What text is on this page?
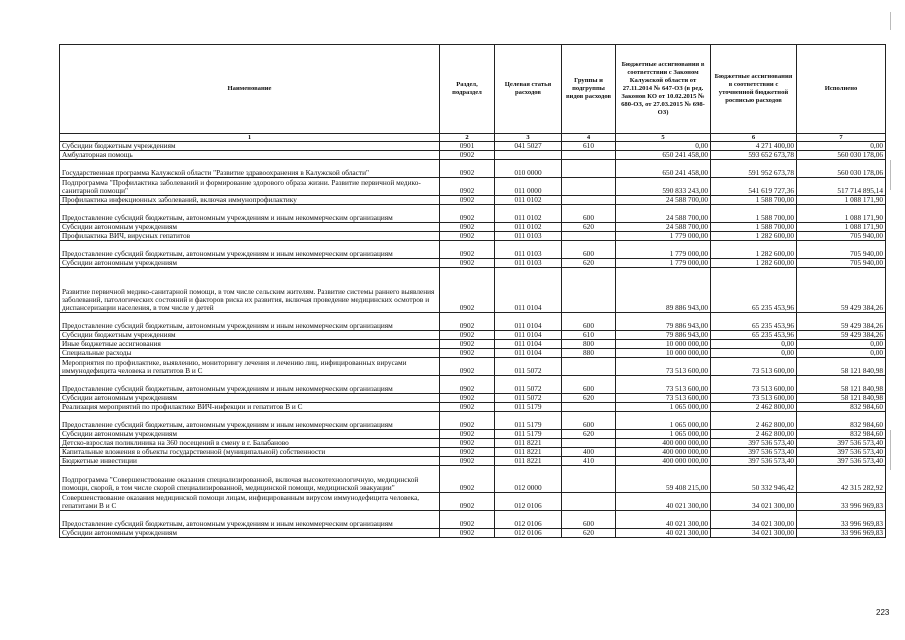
Наименование	Раздел, подраздел	Целевая статья расходов	Группы и подгруппы видов расходов	Бюджетные ассигнования в соответствии с Законом Калужской области от 27.11.2014 № 647-ОЗ (в ред. Законов КО от 10.02.2015 № 680-ОЗ, от 27.03.2015 № 698-ОЗ)	Бюджетные ассигнования в соответствии с уточненной бюджетной росписью расходов	Исполнено
1	2	3	4	5	6	7
Субсидии бюджетным учреждениям	0901	041 5027	610	0,00	4 271 400,00	0,00
Амбулаторная помощь	0902			650 241 458,00	593 652 673,78	560 030 178,06
Государственная программа Калужской области "Развитие здравоохранения в Калужской области"	0902	010 0000		650 241 458,00	591 952 673,78	560 030 178,06
Подпрограмма "Профилактика заболеваний и формирование здорового образа жизни. Развитие первичной медико-санитарной помощи"	0902	011 0000		590 833 243,00	541 619 727,36	517 714 895,14
Профилактика инфекционных заболеваний, включая иммунопрофилактику	0902	011 0102		24 588 700,00	1 588 700,00	1 088 171,90
Предоставление субсидий бюджетным, автономным учреждениям и иным некоммерческим организациям	0902	011 0102	600	24 588 700,00	1 588 700,00	1 088 171,90
Субсидии автономным учреждениям	0902	011 0102	620	24 588 700,00	1 588 700,00	1 088 171,90
Профилактика ВИЧ, вирусных гепатитов	0902	011 0103		1 779 000,00	1 282 600,00	705 940,00
Предоставление субсидий бюджетным, автономным учреждениям и иным некоммерческим организациям	0902	011 0103	600	1 779 000,00	1 282 600,00	705 940,00
Субсидии автономным учреждениям	0902	011 0103	620	1 779 000,00	1 282 600,00	705 940,00
Развитие первичной медико-санитарной помощи, в том числе сельским жителям. Развитие системы раннего выявления заболеваний, патологических состояний и факторов риска их развития, включая проведение медицинских осмотров и диспансеризации населения, в том числе у детей	0902	011 0104		89 886 943,00	65 235 453,96	59 429 384,26
Предоставление субсидий бюджетным, автономным учреждениям и иным некоммерческим организациям	0902	011 0104	600	79 886 943,00	65 235 453,96	59 429 384,26
Субсидии бюджетным учреждениям	0902	011 0104	610	79 886 943,00	65 235 453,96	59 429 384,26
Иные бюджетные ассигнования	0902	011 0104	800	10 000 000,00	0,00	0,00
Специальные расходы	0902	011 0104	880	10 000 000,00	0,00	0,00
Мероприятия по профилактике, выявлению, мониторингу лечения и лечению лиц, инфицированных вирусами иммунодефицита человека и гепатитов В и С	0902	011 5072		73 513 600,00	73 513 600,00	58 121 840,98
Предоставление субсидий бюджетным, автономным учреждениям и иным некоммерческим организациям	0902	011 5072	600	73 513 600,00	73 513 600,00	58 121 840,98
Субсидии автономным учреждениям	0902	011 5072	620	73 513 600,00	73 513 600,00	58 121 840,98
Реализация мероприятий по профилактике ВИЧ-инфекции и гепатитов В и С	0902	011 5179		1 065 000,00	2 462 800,00	832 984,60
Предоставление субсидий бюджетным, автономным учреждениям и иным некоммерческим организациям	0902	011 5179	600	1 065 000,00	2 462 800,00	832 984,60
Субсидии автономным учреждениям	0902	011 5179	620	1 065 000,00	2 462 800,00	832 984,60
Детско-взрослая поликлиника на 360 посещений в смену в г. Балабаново	0902	011 8221		400 000 000,00	397 536 573,40	397 536 573,40
Капитальные вложения в объекты государственной (муниципальной) собственности	0902	011 8221	400	400 000 000,00	397 536 573,40	397 536 573,40
Бюджетные инвестиции	0902	011 8221	410	400 000 000,00	397 536 573,40	397 536 573,40
Подпрограмма "Совершенствование оказания специализированной, включая высокотехнологичную, медицинской помощи, скорой, в том числе скорой специализированной, медицинской помощи, медицинской эвакуации"	0902	012 0000		59 408 215,00	50 332 946,42	42 315 282,92
Совершенствование оказания медицинской помощи лицам, инфицированным вирусом иммунодефицита человека, гепатитами В и С	0902	012 0106		40 021 300,00	34 021 300,00	33 996 969,83
Предоставление субсидий бюджетным, автономным учреждениям и иным некоммерческим организациям	0902	012 0106	600	40 021 300,00	34 021 300,00	33 996 969,83
Субсидии автономным учреждениям	0902	012 0106	620	40 021 300,00	34 021 300,00	33 996 969,83
223
